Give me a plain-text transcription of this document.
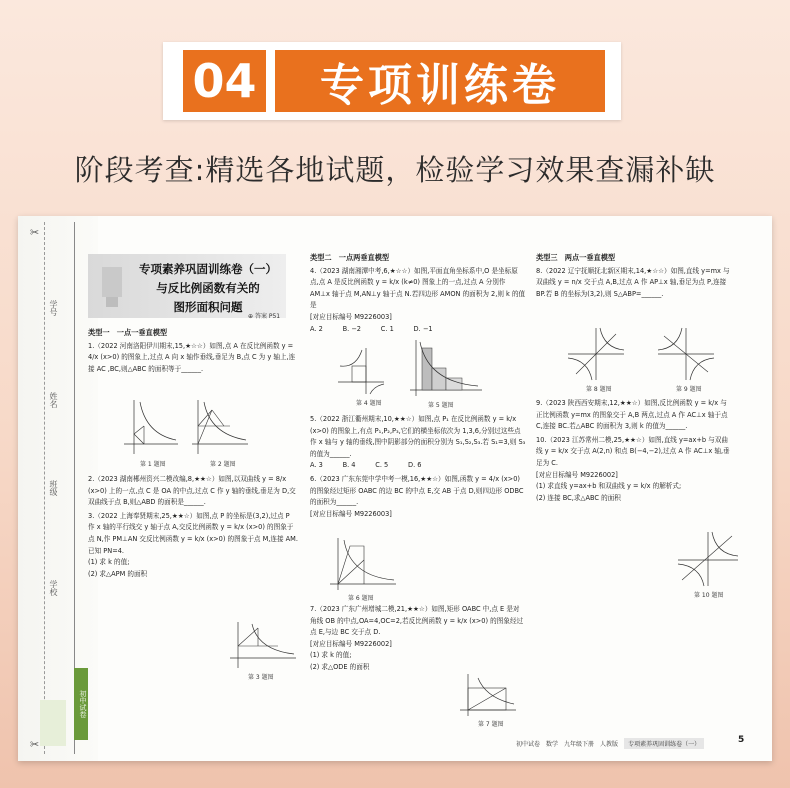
04	专项训练卷
阶段考查:精选各地试题，检验学习效果查漏补缺
✂
✂
学号
姓名
班级
学校
初中试卷
专项素养巩固训练卷（一）
与反比例函数有关的
图形面积问题
⊕ 答案 P51
类型一　一点一垂直模型
1.（2022 河南洛阳伊川期末,15,★☆☆）如图,点 A 在反比例函数 y = 4/x (x>0) 的图象上,过点 A 向 x 轴作垂线,垂足为 B,点 C 为 y 轴上,连接 AC ,BC,则△ABC 的面积等于______.
第 1 题图	第 2 题图
2.（2023 湖南郴州资兴二模改编,8,★★☆）如图,以双曲线 y = 8/x (x>0) 上的一点,点 C 是 OA 的中点,过点 C 作 y 轴的垂线,垂足为 D,交双曲线于点 B,则△ABD 的面积是______.
3.（2022 上海奉贤期末,25,★★☆）如图,点 P 的坐标是(3,2),过点 P 作 x 轴的平行线交 y 轴于点 A,交反比例函数 y = k/x (x>0) 的图象于点 N,作 PM⊥AN 交反比例函数 y = k/x (x>0) 的图象于点 M,连接 AM.已知 PN=4.
(1) 求 k 的值;
(2) 求△APM 的面积
第 3 题图
类型二　一点两垂直模型
4.（2023 湖南湘潭中考,6,★☆☆）如图,平面直角坐标系中,O 是坐标原点,点 A 是反比例函数 y = k/x (k≠0) 图象上的一点,过点 A 分别作 AM⊥x 轴于点 M,AN⊥y 轴于点 N.若四边形 AMON 的面积为 2,则 k 的值是
[对应目标编号 M9226003]
A. 2　　　B. −2　　　C. 1　　　D. −1
第 4 题图	第 5 题图
5.（2022 浙江衢州期末,10,★★☆）如图,点 P₁ 在反比例函数 y = k/x (x>0) 的图象上,有点 P₁,P₂,P₃,它们的横坐标依次为 1,3,6,分别过这些点作 x 轴与 y 轴的垂线,图中阴影部分的面积分别为 S₁,S₂,S₃.若 S₁=3,则 S₃ 的值为______.
A. 3　　　B. 4　　　C. 5　　　D. 6
6.（2023 广东东莞中学中考一模,16,★★☆）如图,函数 y = 4/x (x>0) 的图象经过矩形 OABC 的边 BC 的中点 E,交 AB 于点 D,则四边形 ODBC 的面积为______.
[对应目标编号 M9226003]
第 6 题图
7.（2023 广东广州增城二模,21,★★☆）如图,矩形 OABC 中,点 E 是对角线 OB 的中点,OA=4,OC=2,若反比例函数 y = k/x (x>0) 的图象经过点 E,与边 BC 交于点 D.
[对应目标编号 M9226002]
(1) 求 k 的值;
(2) 求△ODE 的面积
第 7 题图
类型三　两点一垂直模型
8.（2022 辽宁抚顺抚北新区期末,14,★☆☆）如图,直线 y=mx 与双曲线 y = n/x 交于点 A,B,过点 A 作 AP⊥x 轴,垂足为点 P,连接 BP.若 B 的坐标为(3,2),则 S△ABP=______.
第 8 题图	第 9 题图
9.（2023 陕西西安期末,12,★★☆）如图,反比例函数 y = k/x 与正比例函数 y=mx 的图象交于 A,B 两点,过点 A 作 AC⊥x 轴于点 C,连接 BC.若△ABC 的面积为 3,则 k 的值为______.
10.（2023 江苏常州二模,25,★★☆）如图,直线 y=ax+b 与双曲线 y = k/x 交于点 A(2,n) 和点 B(−4,−2),过点 A 作 AC⊥x 轴,垂足为 C.
[对应目标编号 M9226002]
(1) 求直线 y=ax+b 和双曲线 y = k/x 的解析式;
(2) 连接 BC,求△ABC 的面积
第 10 题图
初中试卷 数学 九年级下册 人教版	专项素养巩固训练卷（一）	5
